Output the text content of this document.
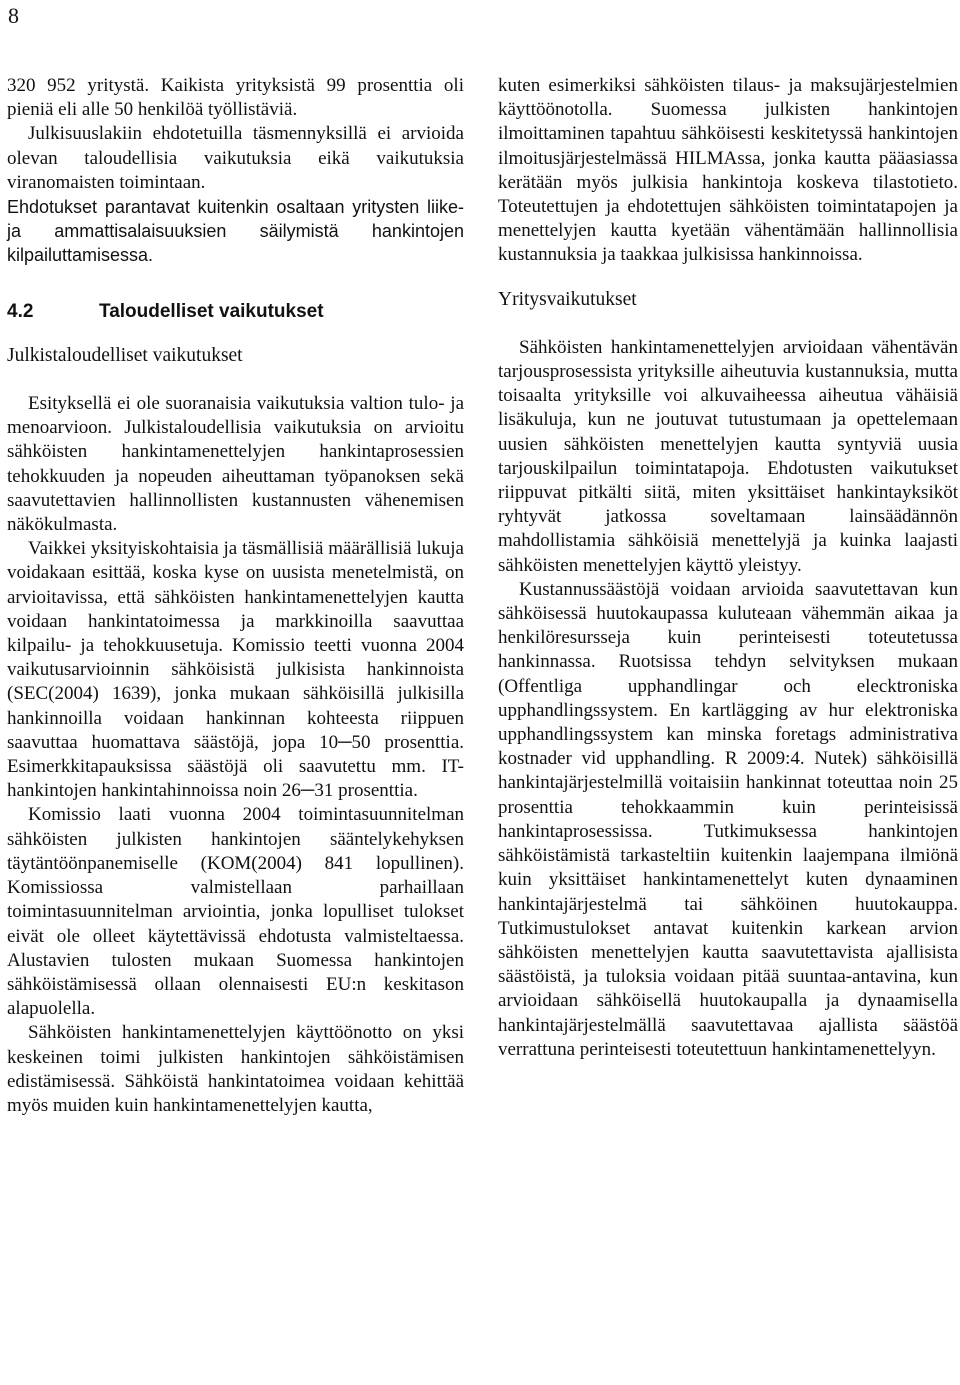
8

320 952 yritystä. Kaikista yrityksistä 99 prosenttia oli pieniä eli alle 50 henkilöä työllistäviä.

Julkisuuslakiin ehdotetuilla täsmennyksillä ei arvioida olevan taloudellisia vaikutuksia eikä vaikutuksia viranomaisten toimintaan.

Ehdotukset parantavat kuitenkin osaltaan yritysten liike- ja ammattisalaisuuksien säilymistä hankintojen kilpailuttamisessa.

4.2	Taloudelliset vaikutukset
Julkistaloudelliset vaikutukset

Esityksellä ei ole suoranaisia vaikutuksia valtion tulo- ja menoarvioon. Julkistaloudellisia vaikutuksia on arvioitu sähköisten hankintamenettelyjen hankintaprosessien tehokkuuden ja nopeuden aiheuttaman työpanoksen sekä saavutettavien hallinnollisten kustannusten vähenemisen näkökulmasta.

Vaikkei yksityiskohtaisia ja täsmällisiä määrällisiä lukuja voidakaan esittää, koska kyse on uusista menetelmistä, on arvioitavissa, että sähköisten hankintamenettelyjen kautta voidaan hankintatoimessa ja markkinoilla saavuttaa kilpailu- ja tehokkuusetuja. Komissio teetti vuonna 2004 vaikutusarvioinnin sähköisistä julkisista hankinnoista (SEC(2004) 1639), jonka mukaan sähköisillä julkisilla hankinnoilla voidaan hankinnan kohteesta riippuen saavuttaa huomattava säästöjä, jopa 10─50 prosenttia. Esimerkkitapauksissa säästöjä oli saavutettu mm. IT-hankintojen hankintahinnoissa noin 26─31 prosenttia.

Komissio laati vuonna 2004 toimintasuunnitelman sähköisten julkisten hankintojen sääntelykehyksen täytäntöönpanemiselle (KOM(2004) 841 lopullinen). Komissiossa valmistellaan parhaillaan toimintasuunnitelman arviointia, jonka lopulliset tulokset eivät ole olleet käytettävissä ehdotusta valmisteltaessa. Alustavien tulosten mukaan Suomessa hankintojen sähköistämisessä ollaan olennaisesti EU:n keskitason alapuolella.

Sähköisten hankintamenettelyjen käyttöönotto on yksi keskeinen toimi julkisten hankintojen sähköistämisen edistämisessä. Sähköistä hankintatoimea voidaan kehittää myös muiden kuin hankintamenettelyjen kautta,

kuten esimerkiksi sähköisten tilaus- ja maksujärjestelmien käyttöönotolla. Suomessa julkisten hankintojen ilmoittaminen tapahtuu sähköisesti keskitetyssä hankintojen ilmoitusjärjestelmässä HILMAssa, jonka kautta pääasiassa kerätään myös julkisia hankintoja koskeva tilastotieto. Toteutettujen ja ehdotettujen sähköisten toimintatapojen ja menettelyjen kautta kyetään vähentämään hallinnollisia kustannuksia ja taakkaa julkisissa hankinnoissa.

Yritysvaikutukset

Sähköisten hankintamenettelyjen arvioidaan vähentävän tarjousprosessista yrityksille aiheutuvia kustannuksia, mutta toisaalta yrityksille voi alkuvaiheessa aiheutua vähäisiä lisäkuluja, kun ne joutuvat tutustumaan ja opettelemaan uusien sähköisten menettelyjen kautta syntyviä uusia tarjouskilpailun toimintatapoja. Ehdotusten vaikutukset riippuvat pitkälti siitä, miten yksittäiset hankintayksiköt ryhtyvät jatkossa soveltamaan lainsäädännön mahdollistamia sähköisiä menettelyjä ja kuinka laajasti sähköisten menettelyjen käyttö yleistyy.

Kustannussäästöjä voidaan arvioida saavutettavan kun sähköisessä huutokaupassa kuluteaan vähemmän aikaa ja henkilöresursseja kuin perinteisesti toteutetussa hankinnassa. Ruotsissa tehdyn selvityksen mukaan (Offentliga upphandlingar och elecktroniska upphandlingssystem. En kartlägging av hur elektroniska upphandlingssystem kan minska foretags administrativa kostnader vid upphandling. R 2009:4. Nutek) sähköisillä hankintajärjestelmillä voitaisiin hankinnat toteuttaa noin 25 prosenttia tehokkaammin kuin perinteisissä hankintaprosessissa. Tutkimuksessa hankintojen sähköistämistä tarkasteltiin kuitenkin laajempana ilmiönä kuin yksittäiset hankintamenettelyt kuten dynaaminen hankintajärjestelmä tai sähköinen huutokauppa. Tutkimustulokset antavat kuitenkin karkean arvion sähköisten menettelyjen kautta saavutettavista ajallisista säästöistä, ja tuloksia voidaan pitää suuntaa-antavina, kun arvioidaan sähköisellä huutokaupalla ja dynaamisella hankintajärjestelmällä saavutettavaa ajallista säästöä verrattuna perinteisesti toteutettuun hankintamenettelyyn.
